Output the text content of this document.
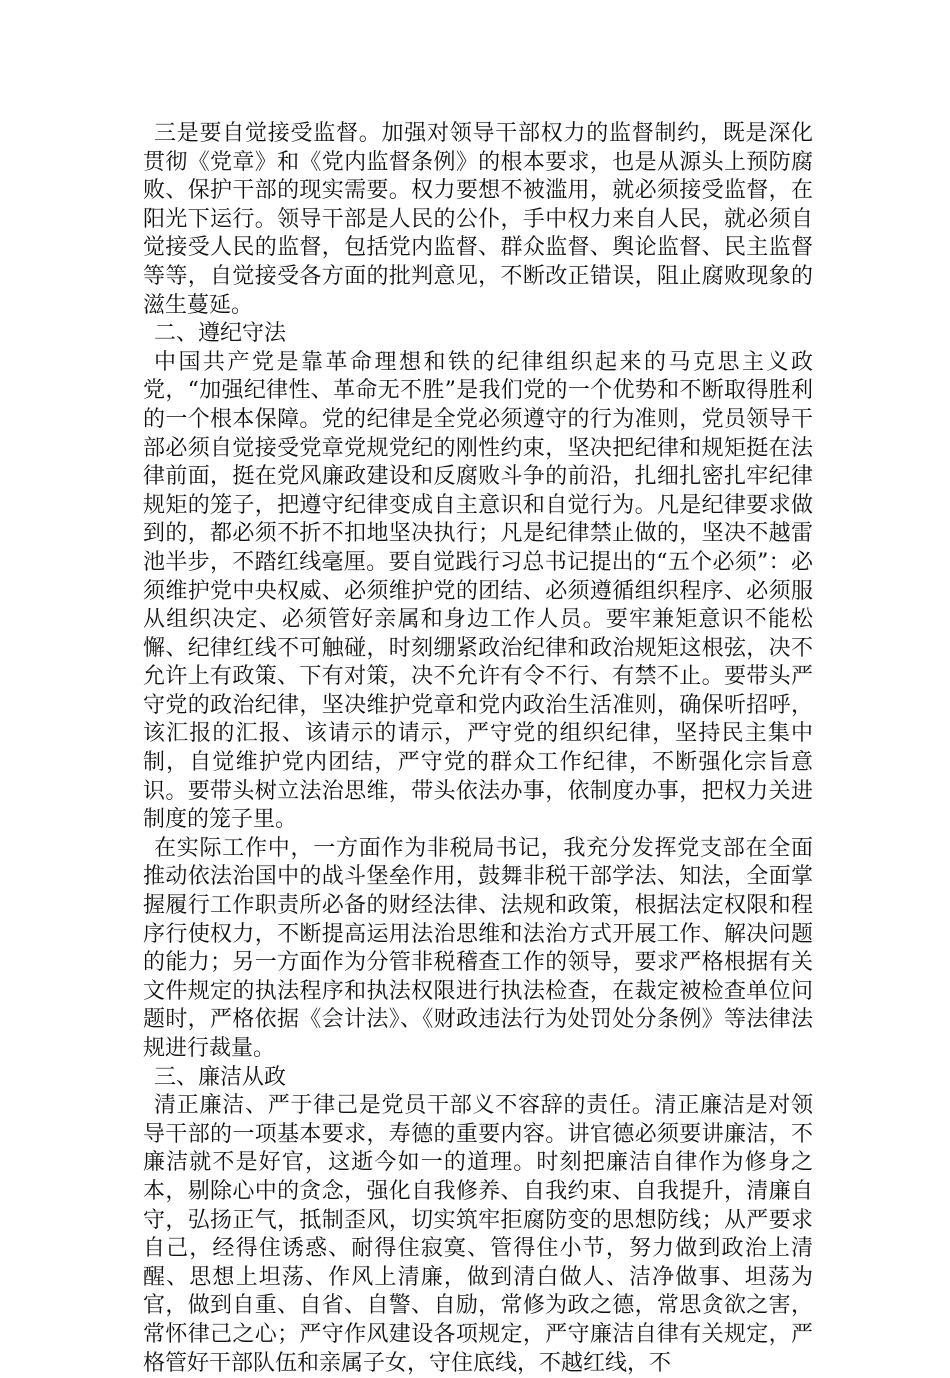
三是要自觉接受监督。加强对领导干部权力的监督制约，既是深化贯彻《党章》和《党内监督条例》的根本要求，也是从源头上预防腐败、保护干部的现实需要。权力要想不被滥用，就必须接受监督，在阳光下运行。领导干部是人民的公仆，手中权力来自人民，就必须自觉接受人民的监督，包括党内监督、群众监督、舆论监督、民主监督等等，自觉接受各方面的批判意见，不断改正错误，阻止腐败现象的滋生蔓延。

二、遵纪守法

中国共产党是靠革命理想和铁的纪律组织起来的马克思主义政党，“加强纪律性、革命无不胜”是我们党的一个优势和不断取得胜利的一个根本保障。党的纪律是全党必须遵守的行为准则，党员领导干部必须自觉接受党章党规党纪的刚性约束，坚决把纪律和规矩挺在法律前面，挺在党风廉政建设和反腐败斗争的前沿，扎细扎密扎牢纪律规矩的笼子，把遵守纪律变成自主意识和自觉行为。凡是纪律要求做到的，都必须不折不扣地坚决执行；凡是纪律禁止做的，坚决不越雷池半步，不踏红线毫厘。要自觉践行习总书记提出的“五个必须”：必须维护党中央权威、必须维护党的团结、必须遵循组织程序、必须服从组织决定、必须管好亲属和身边工作人员。要牢兼矩意识不能松懈、纪律红线不可触碰，时刻绷紧政治纪律和政治规矩这根弦，决不允许上有政策、下有对策，决不允许有令不行、有禁不止。要带头严守党的政治纪律，坚决维护党章和党内政治生活准则，确保听招呼，该汇报的汇报、该请示的请示，严守党的组织纪律，坚持民主集中制，自觉维护党内团结，严守党的群众工作纪律，不断强化宗旨意识。要带头树立法治思维，带头依法办事，依制度办事，把权力关进制度的笼子里。

在实际工作中，一方面作为非税局书记，我充分发挥党支部在全面推动依法治国中的战斗堡垒作用，鼓舞非税干部学法、知法，全面掌握履行工作职责所必备的财经法律、法规和政策，根据法定权限和程序行使权力，不断提高运用法治思维和法治方式开展工作、解决问题的能力；另一方面作为分管非税稽查工作的领导，要求严格根据有关文件规定的执法程序和执法权限进行执法检查，在裁定被检查单位问题时，严格依据《会计法》、《财政违法行为处罚处分条例》等法律法规进行裁量。

三、廉洁从政

清正廉洁、严于律己是党员干部义不容辞的责任。清正廉洁是对领导干部的一项基本要求，寿德的重要内容。讲官德必须要讲廉洁，不廉洁就不是好官，这逝今如一的道理。时刻把廉洁自律作为修身之本，剔除心中的贪念，强化自我修养、自我约束、自我提升，清廉自守，弘扬正气，抵制歪风，切实筑牢拒腐防变的思想防线；从严要求自己，经得住诱惑、耐得住寂寞、管得住小节，努力做到政治上清醒、思想上坦荡、作风上清廉，做到清白做人、洁净做事、坦荡为官，做到自重、自省、自警、自励，常修为政之德，常思贪欲之害，常怀律己之心；严守作风建设各项规定，严守廉洁自律有关规定，严格管好干部队伍和亲属子女，守住底线，不越红线，不
